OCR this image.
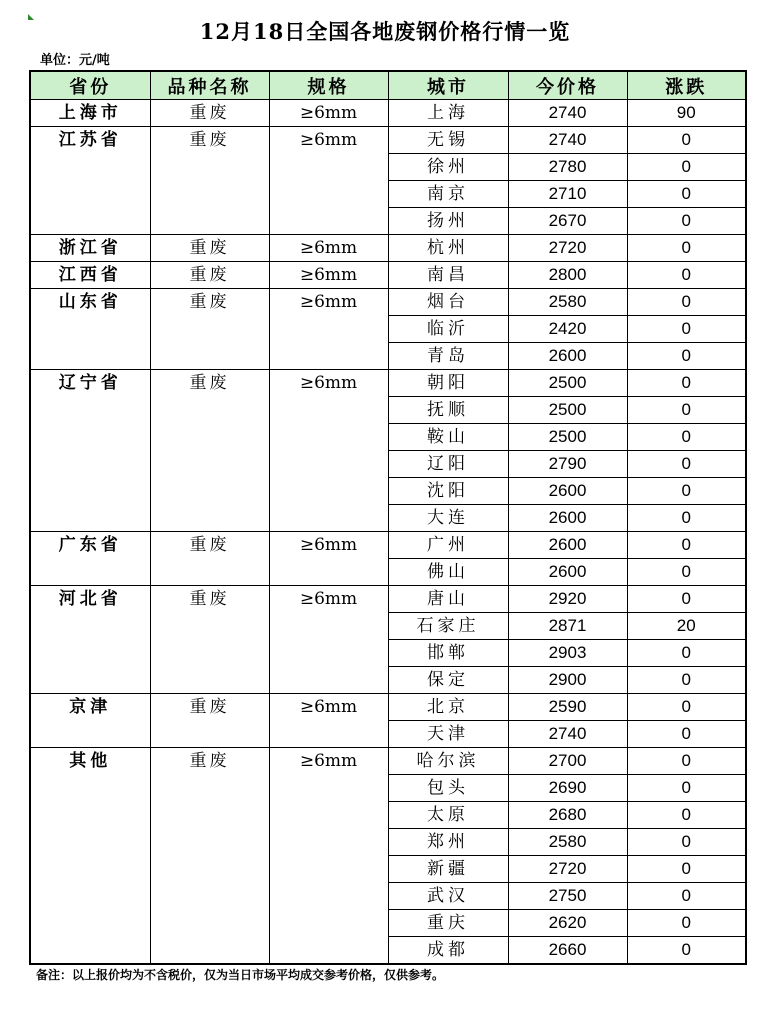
12月18日全国各地废钢价格行情一览
单位：元/吨
省份	品种名称	规格	城市	今价格	涨跌
上海市	重废	≥6mm	上海	2740	90
江苏省	重废	≥6mm	无锡	2740	0
			徐州	2780	0
			南京	2710	0
			扬州	2670	0
浙江省	重废	≥6mm	杭州	2720	0
江西省	重废	≥6mm	南昌	2800	0
山东省	重废	≥6mm	烟台	2580	0
			临沂	2420	0
			青岛	2600	0
辽宁省	重废	≥6mm	朝阳	2500	0
			抚顺	2500	0
			鞍山	2500	0
			辽阳	2790	0
			沈阳	2600	0
			大连	2600	0
广东省	重废	≥6mm	广州	2600	0
			佛山	2600	0
河北省	重废	≥6mm	唐山	2920	0
			石家庄	2871	20
			邯郸	2903	0
			保定	2900	0
京津	重废	≥6mm	北京	2590	0
			天津	2740	0
其他	重废	≥6mm	哈尔滨	2700	0
			包头	2690	0
			太原	2680	0
			郑州	2580	0
			新疆	2720	0
			武汉	2750	0
			重庆	2620	0
			成都	2660	0
备注：以上报价均为不含税价，仅为当日市场平均成交参考价格，仅供参考。
